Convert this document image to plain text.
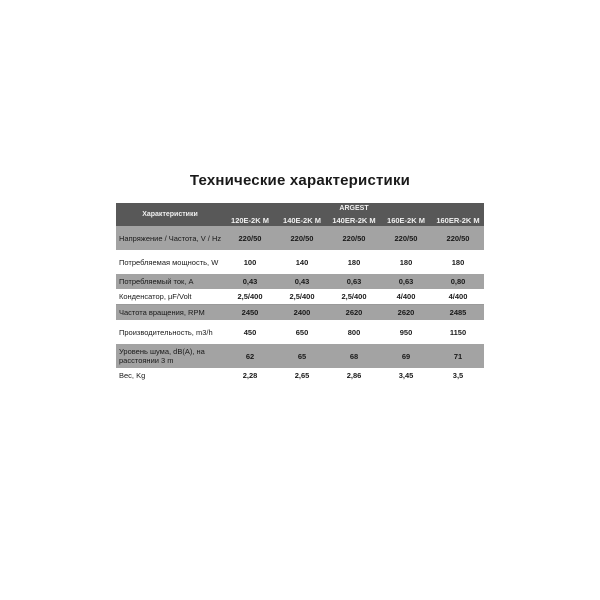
Технические характеристики
Характеристики	ARGEST				
	120E-2K M	140E-2K M	140ER-2K M	160E-2K M	160ER-2K M
Напряжение / Частота, V / Hz	220/50	220/50	220/50	220/50	220/50
Потребляемая мощность, W	100	140	180	180	180
Потребляемый ток, А	0,43	0,43	0,63	0,63	0,80
Конденсатор, µF/Volt	2,5/400	2,5/400	2,5/400	4/400	4/400
Частота вращения, RPM	2450	2400	2620	2620	2485
Производительность, m3/h	450	650	800	950	1150
Уровень шума, dB(A), на расстоянии 3 m	62	65	68	69	71
Вес, Kg	2,28	2,65	2,86	3,45	3,5
